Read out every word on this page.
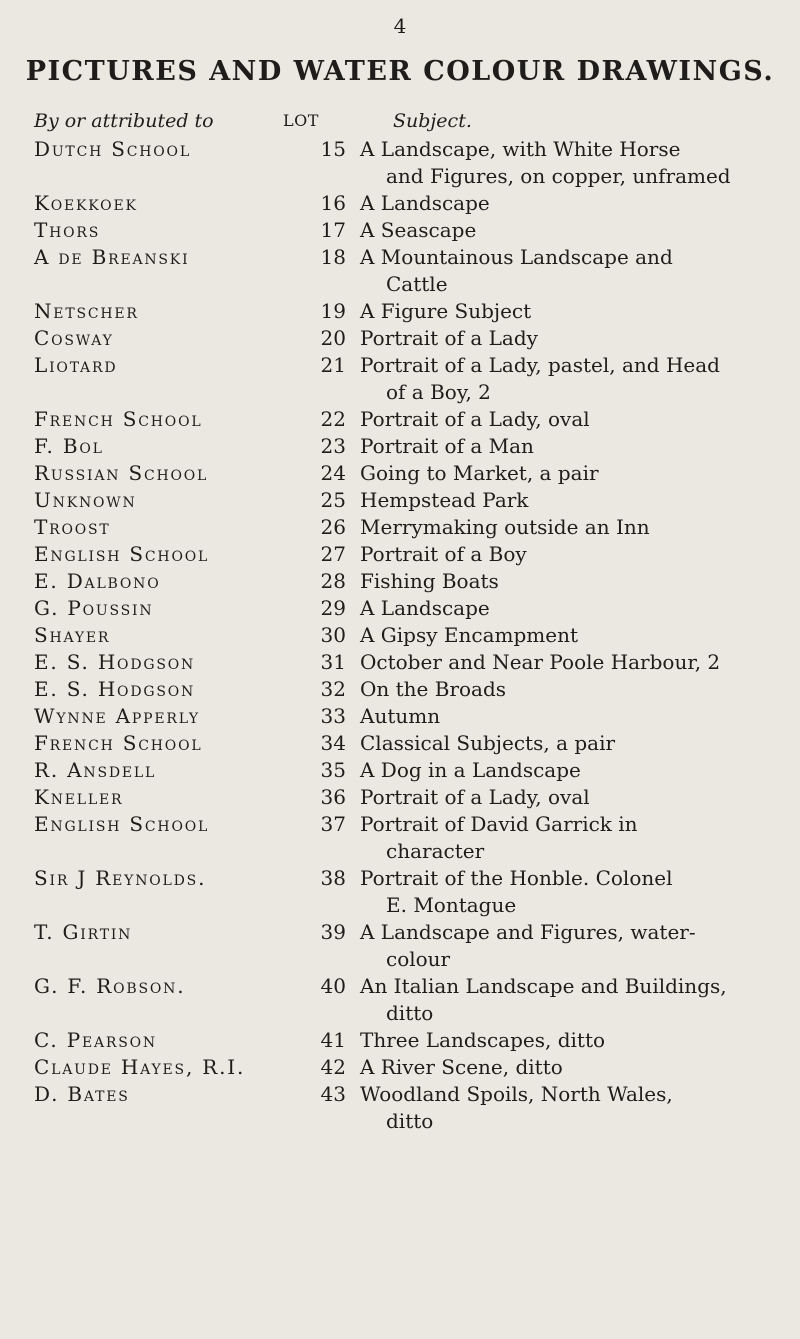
4
PICTURES AND WATER COLOUR DRAWINGS.
By or attributed to	LOT	Subject.
Dutch School	15 A Landscape, with White Horse
and Figures, on copper, unframed
Koekkoek	16 A Landscape
Thors	17 A Seascape
A de Breanski	18 A Mountainous Landscape and
Cattle
Netscher	19 A Figure Subject
Cosway	20 Portrait of a Lady
Liotard	21 Portrait of a Lady, pastel, and Head
of a Boy, 2
French School	22 Portrait of a Lady, oval
F. Bol	23 Portrait of a Man
Russian School	24 Going to Market, a pair
Unknown	25 Hempstead Park
Troost	26 Merrymaking outside an Inn
English School	27 Portrait of a Boy
E. Dalbono	28 Fishing Boats
G. Poussin	29 A Landscape
Shayer	30 A Gipsy Encampment
E. S. Hodgson	31 October and Near Poole Harbour, 2
E. S. Hodgson	32 On the Broads
Wynne Apperly	33 Autumn
French School	34 Classical Subjects, a pair
R. Ansdell	35 A Dog in a Landscape
Kneller	36 Portrait of a Lady, oval
English School	37 Portrait of David Garrick in
character
Sir J Reynolds.	38 Portrait of the Honble. Colonel
E. Montague
T. Girtin	39 A Landscape and Figures, water-
colour
G. F. Robson.	40 An Italian Landscape and Buildings,
ditto
C. Pearson	41 Three Landscapes, ditto
Claude Hayes, R.I.	42 A River Scene, ditto
D. Bates	43 Woodland Spoils, North Wales,
ditto
